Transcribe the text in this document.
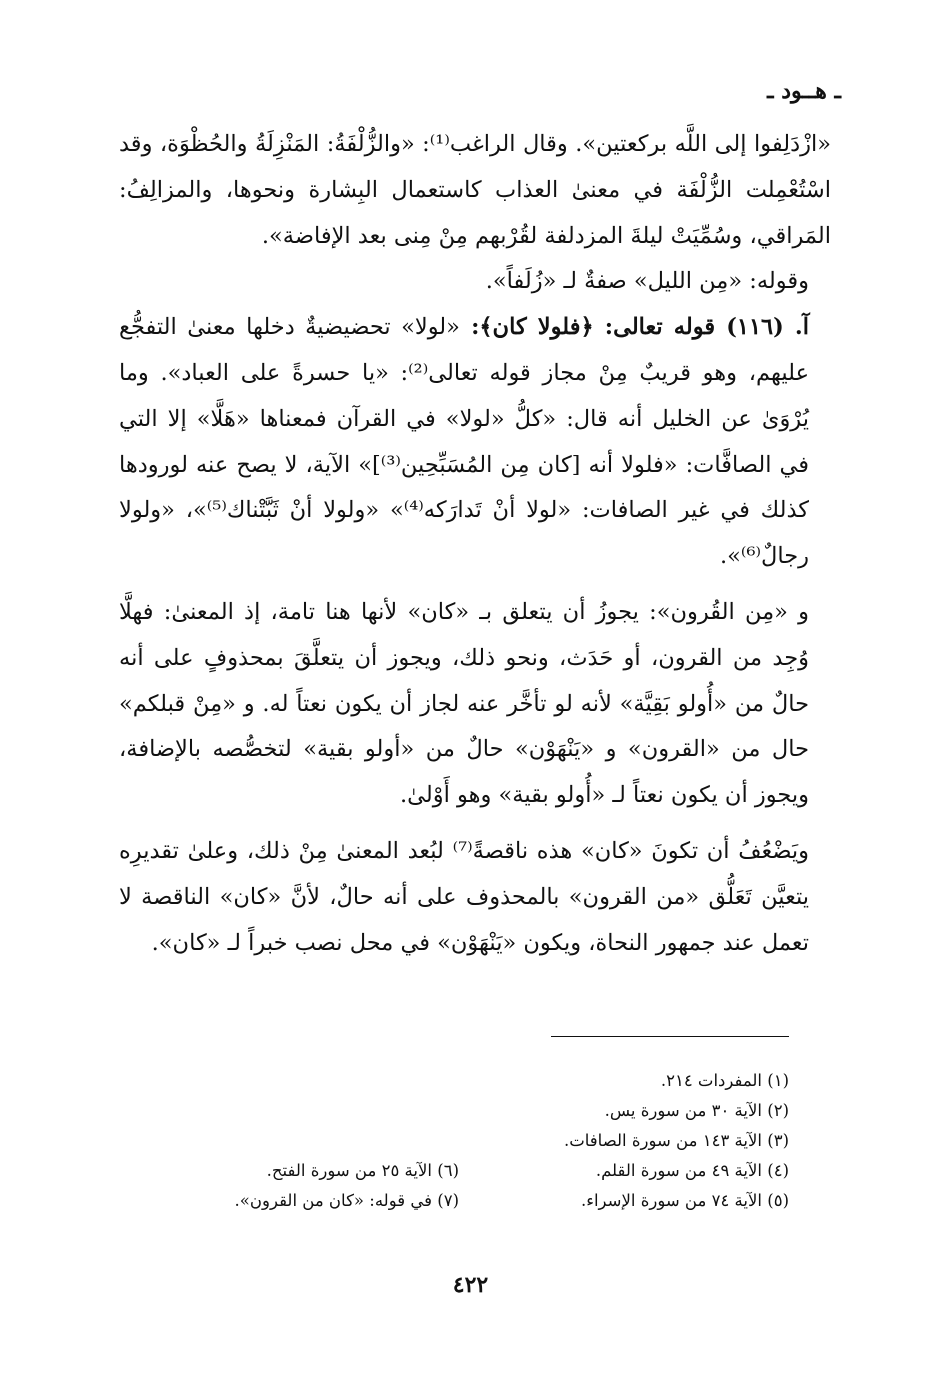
ـ هــود ـ

«ازْدَلِفوا إلى اللَّه بركعتين». وقال الراغب⁽¹⁾: «والزُّلْفَةُ: المَنْزِلَةُ والحُظْوَة، وقد اسْتُعْمِلت الزُّلْفَة في معنىٰ العذاب كاستعمال البِشارة ونحوها، والمزالِفُ: المَراقي، وسُمِّيَتْ ليلةَ المزدلفة لقُرْبهم مِنْ مِنى بعد الإفاضة».

وقوله: «مِن الليل» صفةٌ لـ «زُلَفاً».

آ. (١١٦) قوله تعالى: ﴿فلولا كان﴾: «لولا» تحضيضيةٌ دخلها معنىٰ التفجُّع عليهم، وهو قريبٌ مِنْ مجاز قوله تعالى⁽²⁾: «يا حسرةً على العباد». وما يُرْوَىٰ عن الخليل أنه قال: «كلُّ «لولا» في القرآن فمعناها «هَلَّا» إلا التي في الصافَّات: «فلولا أنه [كان مِن المُسَبِّحِين⁽³⁾]» الآية، لا يصح عنه لورودها كذلك في غير الصافات: «لولا أنْ تَدارَكه⁽⁴⁾» «ولولا أنْ ثَبَّتْناك⁽⁵⁾»، «ولولا رجالٌ⁽⁶⁾».

و «مِن القُرون»: يجوزُ أن يتعلق بـ «كان» لأنها هنا تامة، إذ المعنىٰ: فهلَّا وُجِد من القرون، أو حَدَث، ونحو ذلك، ويجوز أن يتعلَّقَ بمحذوفٍ على أنه حالٌ من «أُولو بَقِيَّة» لأنه لو تأخَّر عنه لجاز أن يكون نعتاً له. و «مِنْ قبلكم» حال من «القرون» و «يَنْهَوْن» حالٌ من «أولو بقية» لتخصُّصه بالإضافة، ويجوز أن يكون نعتاً لـ «أُولو بقية» وهو أَوْلىٰ.

ويَضْعُفُ أن تكونَ «كان» هذه ناقصةً⁽⁷⁾ لبُعد المعنىٰ مِنْ ذلك، وعلىٰ تقديرِه يتعيَّن تَعَلُّق «من القرون» بالمحذوف على أنه حالٌ، لأنَّ «كان» الناقصة لا تعمل عند جمهور النحاة، ويكون «يَنْهَوْن» في محل نصب خبراً لـ «كان».

(١) المفردات ٢١٤.
(٢) الآية ٣٠ من سورة يس.
(٣) الآية ١٤٣ من سورة الصافات.
(٤) الآية ٤٩ من سورة القلم.
(٦) الآية ٢٥ من سورة الفتح.
(٥) الآية ٧٤ من سورة الإسراء.
(٧) في قوله: «كان من القرون».
٤٢٢
